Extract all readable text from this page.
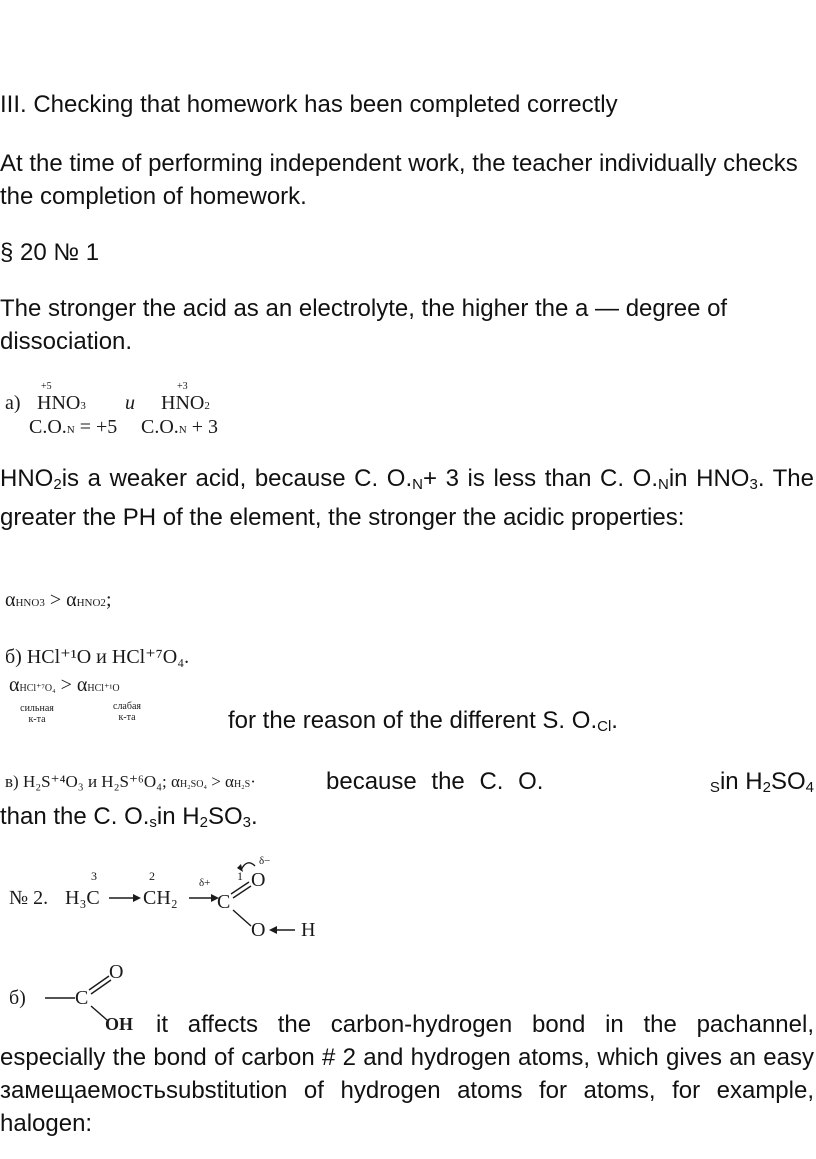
III. Checking that homework has been completed correctly

At the time of performing independent work, the teacher individually checks the completion of homework.

§ 20 № 1

The stronger the acid as an electrolyte, the higher the a — degree of dissociation.

а)
+5
HNO3 и
+3
HNO2
С.О.N = +5 С.О.N + 3

$HNO_2is$ a weaker acid, because C. $O._N+ 3$ is less than C. $O._Nin$ $HNO_3$. The greater the PH of the element, the stronger the acidic properties:

αHNO3 > αHNO2;
б) HCl⁺¹O и HCl⁺⁷O₄.
αHCl⁺⁷O₄ > αHCl⁺¹O
сильная
к-та
слабая
к-та	for the reason of the different S. $O._{Cl}$.

в) H₂S⁺⁴O₃ и H₂S⁺⁶O₄; αH₂SO₄ > αH₂S·	because the C. O.	$_S$in $H_2SO_4$

than the C. $O._sin$ $H_2SO_3$.

№ 2.
3
H₃C
2
CH₂
δ+ 1
C
O
δ−
O H
б) C
O
OH it affects the carbon-hydrogen bond in the pachannel, especially the bond of carbon # 2 and hydrogen atoms, which gives an easy замещаемостьsubstitution of hydrogen atoms for atoms, for example, halogen:
